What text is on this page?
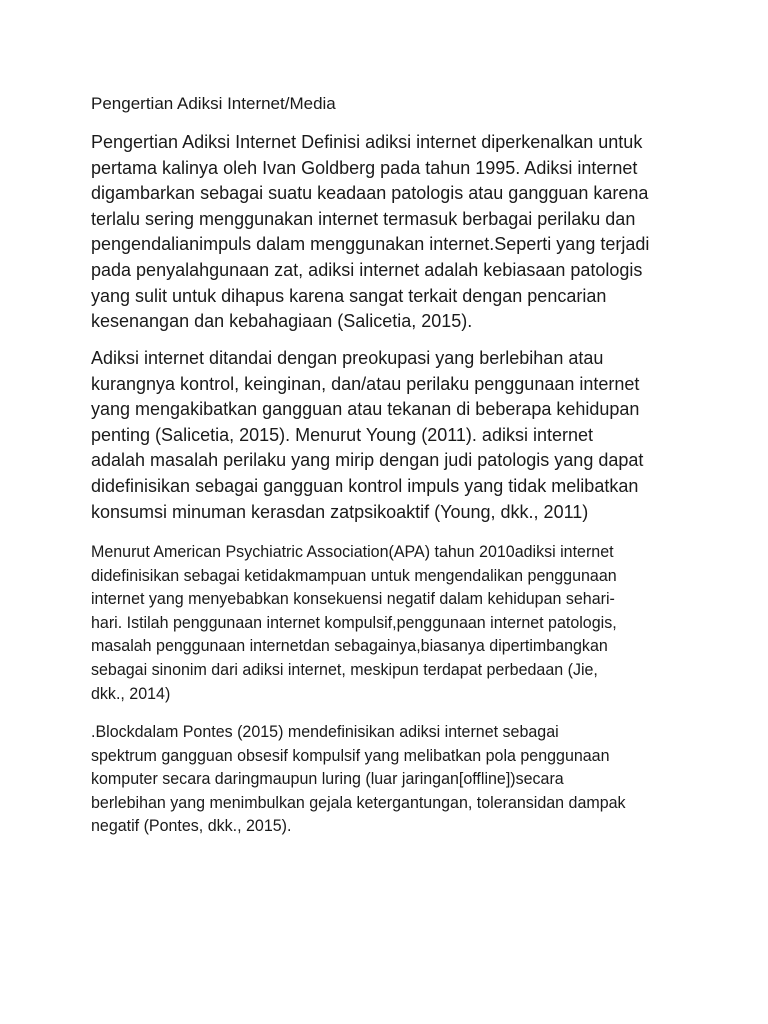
Pengertian Adiksi Internet/Media
Pengertian Adiksi Internet Definisi adiksi internet diperkenalkan untuk
pertama kalinya oleh Ivan Goldberg pada tahun 1995. Adiksi internet
digambarkan sebagai suatu keadaan patologis atau gangguan karena
terlalu sering menggunakan internet termasuk berbagai perilaku dan
pengendalianimpuls dalam menggunakan internet.Seperti yang terjadi
pada penyalahgunaan zat, adiksi internet adalah kebiasaan patologis
yang sulit untuk dihapus karena sangat terkait dengan pencarian
kesenangan dan kebahagiaan (Salicetia, 2015).
Adiksi internet ditandai dengan preokupasi yang berlebihan atau
kurangnya kontrol, keinginan, dan/atau perilaku penggunaan internet
yang mengakibatkan gangguan atau tekanan di beberapa kehidupan
penting (Salicetia, 2015). Menurut Young (2011). adiksi internet
adalah masalah perilaku yang mirip dengan judi patologis yang dapat
didefinisikan sebagai gangguan kontrol impuls yang tidak melibatkan
konsumsi minuman kerasdan zatpsikoaktif (Young, dkk., 2011)
Menurut American Psychiatric Association(APA) tahun 2010adiksi internet
didefinisikan sebagai ketidakmampuan untuk mengendalikan penggunaan
internet yang menyebabkan konsekuensi negatif dalam kehidupan sehari-
hari. Istilah penggunaan internet kompulsif,penggunaan internet patologis,
masalah penggunaan internetdan sebagainya,biasanya dipertimbangkan
sebagai sinonim dari adiksi internet, meskipun terdapat perbedaan (Jie,
dkk., 2014)
.Blockdalam Pontes (2015) mendefinisikan adiksi internet sebagai
spektrum gangguan obsesif kompulsif yang melibatkan pola penggunaan
komputer secara daringmaupun luring (luar jaringan[offline])secara
berlebihan yang menimbulkan gejala ketergantungan, toleransidan dampak
negatif (Pontes, dkk., 2015).
